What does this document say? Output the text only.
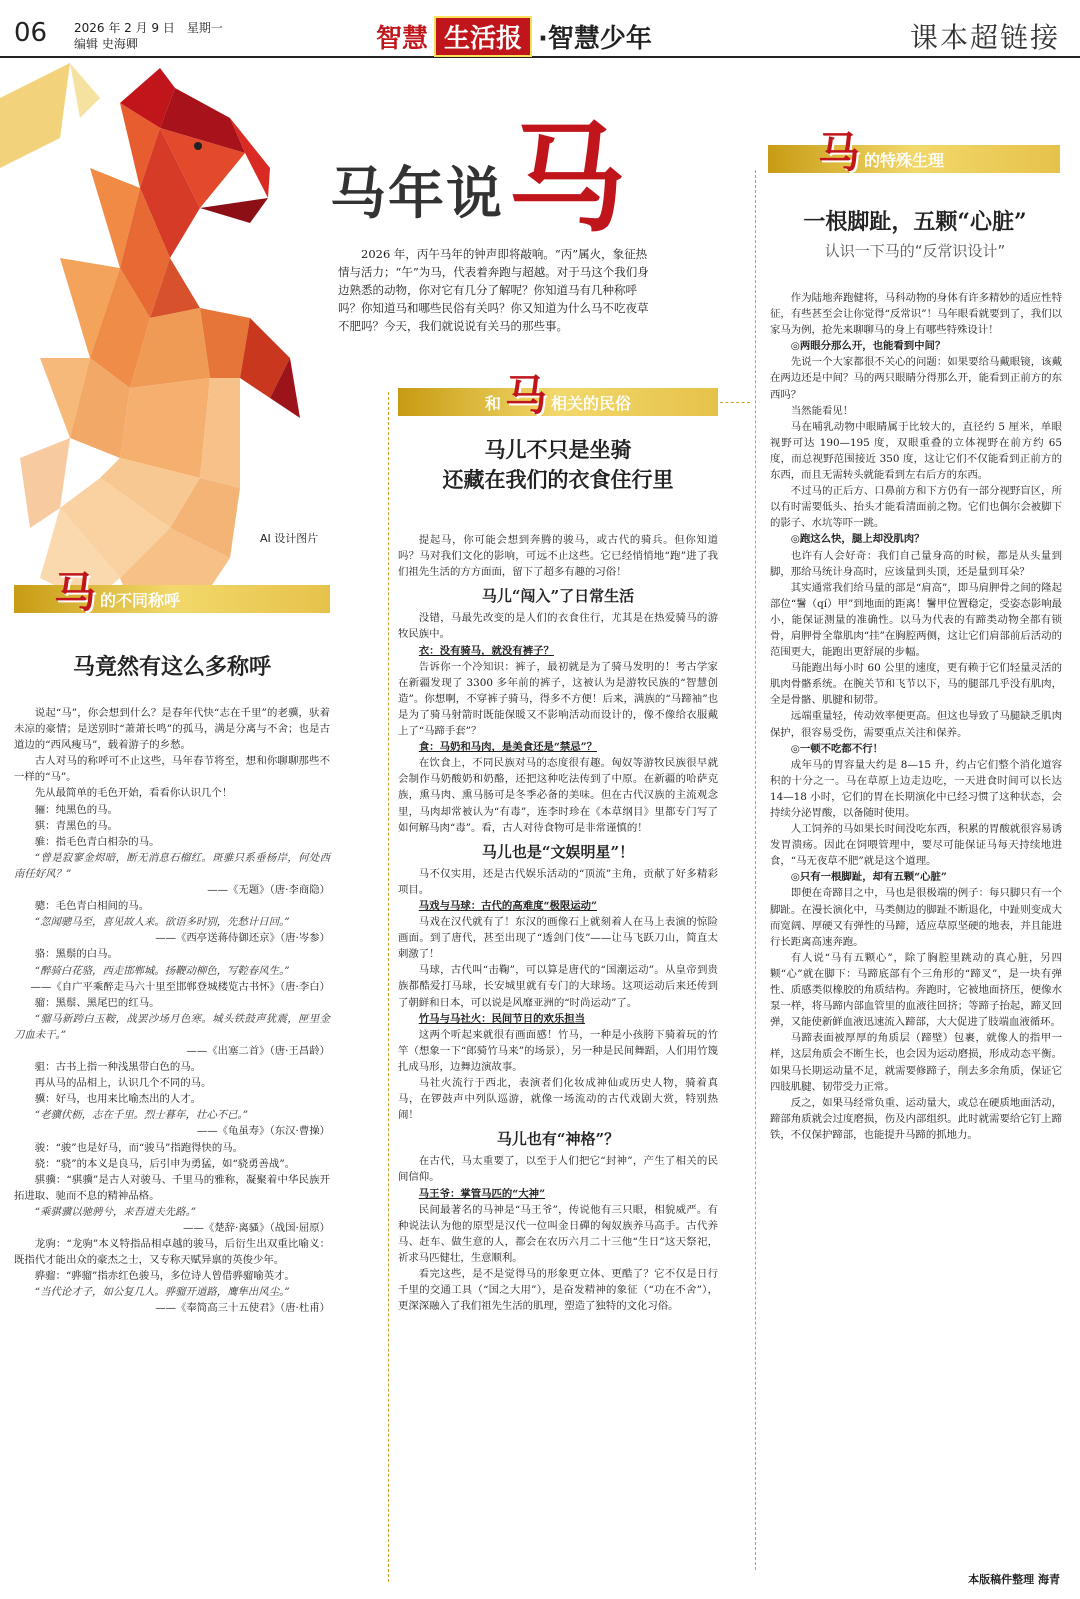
06 2026 年 2 月 9 日　星期一
编辑 史海卿	智慧 生活报 ·智慧少年	课本超链接
AI 设计图片
马年说 马
2026 年，丙午马年的钟声即将敲响。“丙”属火，象征热情与活力；“午”为马，代表着奔跑与超越。对于马这个我们身边熟悉的动物，你对它有几分了解呢？你知道马有几种称呼吗？你知道马和哪些民俗有关吗？你又知道为什么马不吃夜草不肥吗？今天，我们就说说有关马的那些事。
马 的不同称呼
马竟然有这么多称呼

说起“马”，你会想到什么？是春年代快“志在千里”的老骥，驮着未凉的豪情；是送别时“萧萧长鸣”的孤马，满是分离与不舍；也是古道边的“西风瘦马”，载着游子的乡愁。

古人对马的称呼可不止这些，马年春节将至，想和你聊聊那些不一样的“马”。

先从最简单的毛色开始，看看你认识几个！

骊：纯黑色的马。

骐：青黑色的马。

骓：指毛色青白相杂的马。

“曾是寂寥金烬暗，断无消息石榴红。斑骓只系垂杨岸，何处西南任好风？”

——《无题》（唐·李商隐）

骢：毛色青白相间的马。

“忽闻骢马至，喜见故人来。欲语多时别，先愁计日回。”

——《西亭送蒋侍御还京》（唐·岑参）

骆：黑鬃的白马。

“醉骑白花骆，西走邯郸城。扬鞭动柳色，写鞚春风生。”

——《自广平乘醉走马六十里至邯郸登城楼览古书怀》（唐·李白）

骝：黑鬃、黑尾巴的红马。

“骝马新跨白玉鞍，战罢沙场月色寒。城头铁鼓声犹震，匣里金刀血未干。”

——《出塞二首》（唐·王昌龄）

驵：古书上指一种浅黑带白色的马。

再从马的品相上，认识几个不同的马。

骥：好马，也用来比喻杰出的人才。

“老骥伏枥，志在千里。烈士暮年，壮心不已。”

——《龟虽寿》（东汉·曹操）

骏：“骏”也是好马，而“骏马”指跑得快的马。

骁：“骁”的本义是良马，后引申为勇猛，如“骁勇善战”。

骐骥：“骐骥”是古人对骏马、千里马的雅称，凝聚着中华民族开拓进取、驰而不息的精神品格。

“乘骐骥以驰骋兮，来吾道夫先路。”

——《楚辞·离骚》（战国·屈原）

龙驹：“龙驹”本义特指品相卓越的骏马，后衍生出双重比喻义：既指代才能出众的豪杰之士，又专称天赋异禀的英俊少年。

骅骝：“骅骝”指赤红色骏马，多位诗人曾借骅骝喻英才。

“当代论才子，如公复几人。骅骝开道路，鹰隼出风尘。”

——《奉简高三十五使君》（唐·杜甫）

和 马 相关的民俗
马儿不只是坐骑
还藏在我们的衣食住行里

提起马，你可能会想到奔腾的骏马，或古代的骑兵。但你知道吗？马对我们文化的影响，可远不止这些。它已经悄悄地“跑”进了我们祖先生活的方方面面，留下了超多有趣的习俗！

马儿“闯入”了日常生活

没错，马最先改变的是人们的衣食住行，尤其是在热爱骑马的游牧民族中。

衣：没有骑马，就没有裤子？

告诉你一个冷知识：裤子，最初就是为了骑马发明的！考古学家在新疆发现了 3300 多年前的裤子，这被认为是游牧民族的“智慧创造”。你想啊，不穿裤子骑马，得多不方便！后来，满族的“马蹄袖”也是为了骑马射箭时既能保暖又不影响活动而设计的，像不像给衣服戴上了“马蹄手套”？

食：马奶和马肉，是美食还是“禁忌”？

在饮食上，不同民族对马的态度很有趣。匈奴等游牧民族很早就会制作马奶酸奶和奶酪，还把这种吃法传到了中原。在新疆的哈萨克族，熏马肉、熏马肠可是冬季必备的美味。但在古代汉族的主流观念里，马肉却常被认为“有毒”，连李时珍在《本草纲目》里都专门写了如何解马肉“毒”。看，古人对待食物可是非常谨慎的！

马儿也是“文娱明星”！

马不仅实用，还是古代娱乐活动的“顶流”主角，贡献了好多精彩项目。

马戏与马球：古代的高难度“极限运动”

马戏在汉代就有了！东汉的画像石上就刻着人在马上表演的惊险画面。到了唐代，甚至出现了“透剑门伎”——让马飞跃刀山，简直太刺激了！

马球，古代叫“击鞠”，可以算是唐代的“国潮运动”。从皇帝到贵族都酷爱打马球，长安城里就有专门的大球场。这项运动后来还传到了朝鲜和日本，可以说是风靡亚洲的“时尚运动”了。

竹马与马社火：民间节日的欢乐担当

这两个听起来就很有画面感！竹马，一种是小孩胯下骑着玩的竹竿（想象一下“郎骑竹马来”的场景），另一种是民间舞蹈，人们用竹篾扎成马形，边舞边演故事。

马社火流行于西北，表演者们化妆成神仙或历史人物，骑着真马，在锣鼓声中列队巡游，就像一场流动的古代戏剧大赏，特别热闹！

马儿也有“神格”？

在古代，马太重要了，以至于人们把它“封神”，产生了相关的民间信仰。

马王爷：掌管马匹的“大神”

民间最著名的马神是“马王爷”，传说他有三只眼，相貌威严。有种说法认为他的原型是汉代一位叫金日磾的匈奴族养马高手。古代养马、赶车、做生意的人，都会在农历六月二十三他“生日”这天祭祀，祈求马匹健壮，生意顺利。

看完这些，是不是觉得马的形象更立体、更酷了？它不仅是日行千里的交通工具（“国之大用”），是奋发精神的象征（“功在不舍”），更深深融入了我们祖先生活的肌理，塑造了独特的文化习俗。

马 的特殊生理
一根脚趾，五颗“心脏”
认识一下马的“反常识设计”

作为陆地奔跑健将，马科动物的身体有许多精妙的适应性特征，有些甚至会让你觉得“反常识”！马年眼看就要到了，我们以家马为例，抢先来聊聊马的身上有哪些特殊设计！

◎两眼分那么开，也能看到中间？

先说一个大家都很不关心的问题：如果要给马戴眼镜，该戴在两边还是中间？马的两只眼睛分得那么开，能看到正前方的东西吗？

当然能看见！

马在哺乳动物中眼睛属于比较大的，直径约 5 厘米，单眼视野可达 190—195 度，双眼重叠的立体视野在前方约 65 度，而总视野范围接近 350 度，这让它们不仅能看到正前方的东西，而且无需转头就能看到左右后方的东西。

不过马的正后方、口鼻前方和下方仍有一部分视野盲区，所以有时需要低头、抬头才能看清面前之物。它们也偶尔会被脚下的影子、水坑等吓一跳。

◎跑这么快，腿上却没肌肉？

也许有人会好奇：我们自己量身高的时候，都是从头量到脚，那给马统计身高时，应该量到头顶，还是量到耳朵？

其实通常我们给马量的部是“肩高”，即马肩胛骨之间的隆起部位“鬐（qí）甲”到地面的距离！鬐甲位置稳定，受姿态影响最小，能保证测量的准确性。以马为代表的有蹄类动物全都有锁骨，肩胛骨全靠肌肉“挂”在胸腔两侧，这让它们肩部前后活动的范围更大，能跑出更舒展的步幅。

马能跑出每小时 60 公里的速度，更有赖于它们轻量灵活的肌肉骨骼系统。在腕关节和飞节以下，马的腿部几乎没有肌肉，全是骨骼、肌腱和韧带。

远端重量轻，传动效率便更高。但这也导致了马腿缺乏肌肉保护，很容易受伤，需要重点关注和保养。

◎一顿不吃都不行！

成年马的胃容量大约是 8—15 升，约占它们整个消化道容积的十分之一。马在草原上边走边吃，一天进食时间可以长达 14—18 小时，它们的胃在长期演化中已经习惯了这种状态，会持续分泌胃酸，以备随时使用。

人工饲养的马如果长时间没吃东西，积累的胃酸就很容易诱发胃溃疡。因此在饲喂管理中，要尽可能保证马每天持续地进食，“马无夜草不肥”就是这个道理。

◎只有一根脚趾，却有五颗“心脏”

即便在奇蹄目之中，马也是很极端的例子：每只脚只有一个脚趾。在漫长演化中，马类侧边的脚趾不断退化，中趾则变成大而宽阔、厚硬又有弹性的马蹄，适应草原坚硬的地表，并且能进行长距离高速奔跑。

有人说“马有五颗心”，除了胸腔里跳动的真心脏，另四颗“心”就在脚下：马蹄底部有个三角形的“蹄叉”，是一块有弹性、质感类似橡胶的角质结构。奔跑时，它被地面挤压，便像水泵一样，将马蹄内部血管里的血液往回挤；等蹄子抬起，蹄叉回弹，又能使新鲜血液迅速流入蹄部，大大促进了肢端血液循环。

马蹄表面被厚厚的角质层（蹄壁）包裹，就像人的指甲一样，这层角质会不断生长，也会因为运动磨损，形成动态平衡。如果马长期运动量不足，就需要修蹄子，削去多余角质，保证它四肢肌腱、韧带受力正常。

反之，如果马经常负重、运动量大，或总在硬质地面活动，蹄部角质就会过度磨损，伤及内部组织。此时就需要给它钉上蹄铁，不仅保护蹄部，也能提升马蹄的抓地力。

本版稿件整理 海青
